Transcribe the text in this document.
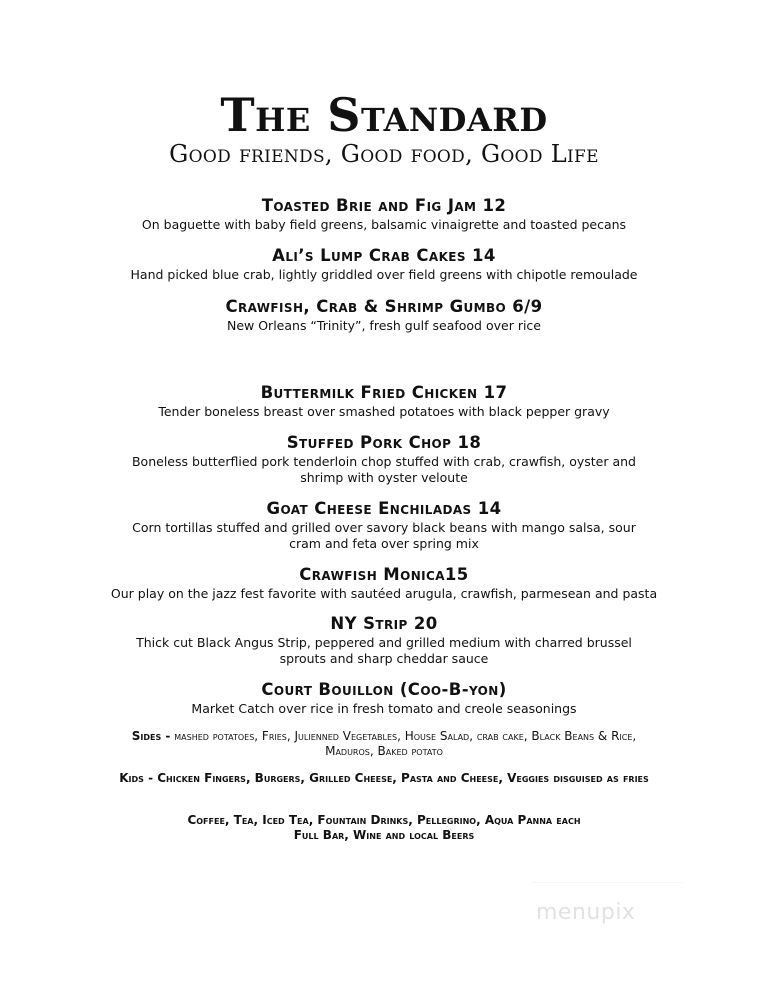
The Standard
Good friends, Good food, Good Life
Toasted Brie and Fig Jam 12
On baguette with baby field greens, balsamic vinaigrette and toasted pecans
Ali’s Lump Crab Cakes 14
Hand picked blue crab, lightly griddled over field greens with chipotle remoulade
Crawfish, Crab & Shrimp Gumbo 6/9
New Orleans “Trinity”, fresh gulf seafood over rice
Buttermilk Fried Chicken 17
Tender boneless breast over smashed potatoes with black pepper gravy
Stuffed Pork Chop 18
Boneless butterflied pork tenderloin chop stuffed with crab, crawfish, oyster and shrimp with oyster veloute
Goat Cheese Enchiladas 14
Corn tortillas stuffed and grilled over savory black beans with mango salsa, sour cram and feta over spring mix
Crawfish Monica15
Our play on the jazz fest favorite with sautéed arugula, crawfish, parmesean and pasta
NY Strip 20
Thick cut Black Angus Strip, peppered and grilled medium with charred brussel sprouts and sharp cheddar sauce
Court Bouillon (Coo-B-yon)
Market Catch over rice in fresh tomato and creole seasonings
Sides - mashed potatoes, Fries, Julienned Vegetables, House Salad, crab cake, Black Beans & Rice, Maduros, Baked potato
Kids - Chicken Fingers, Burgers, Grilled Cheese, Pasta and Cheese, Veggies disguised as fries
Coffee, Tea, Iced Tea, Fountain Drinks, Pellegrino, Aqua Panna each
Full Bar, Wine and local Beers
menupix
